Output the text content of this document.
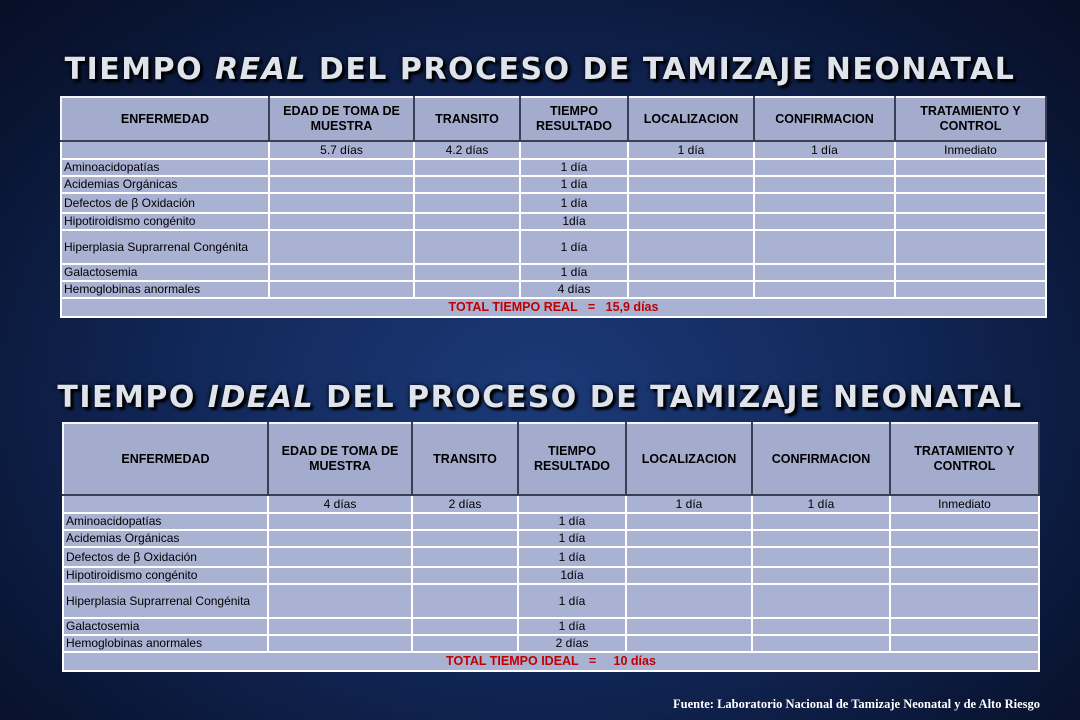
TIEMPO REAL DEL PROCESO DE TAMIZAJE NEONATAL
ENFERMEDAD	EDAD DE TOMA DE MUESTRA	TRANSITO	TIEMPO RESULTADO	LOCALIZACION	CONFIRMACION	TRATAMIENTO Y CONTROL
	5.7 días	4.2 días		1 día	1 día	Inmediato
Aminoacidopatías			1 día			
Acidemias Orgánicas			1 día			
Defectos de β Oxidación			1 día			
Hipotiroidismo congénito			1día			
Hiperplasia Suprarrenal Congénita			1 día			
Galactosemia			1 día			
Hemoglobinas anormales			4 días			
TOTAL TIEMPO REAL   =   15,9 días						
TIEMPO IDEAL DEL PROCESO DE TAMIZAJE NEONATAL
ENFERMEDAD	EDAD DE TOMA DE MUESTRA	TRANSITO	TIEMPO RESULTADO	LOCALIZACION	CONFIRMACION	TRATAMIENTO Y CONTROL
	4 días	2 días		1 día	1 día	Inmediato
Aminoacidopatías			1 día			
Acidemias Orgánicas			1 día			
Defectos de β Oxidación			1 día			
Hipotiroidismo congénito			1día			
Hiperplasia Suprarrenal Congénita			1 día			
Galactosemia			1 día			
Hemoglobinas anormales			2 días			
TOTAL TIEMPO IDEAL   =     10 días						
Fuente: Laboratorio Nacional de Tamizaje Neonatal y de Alto Riesgo
